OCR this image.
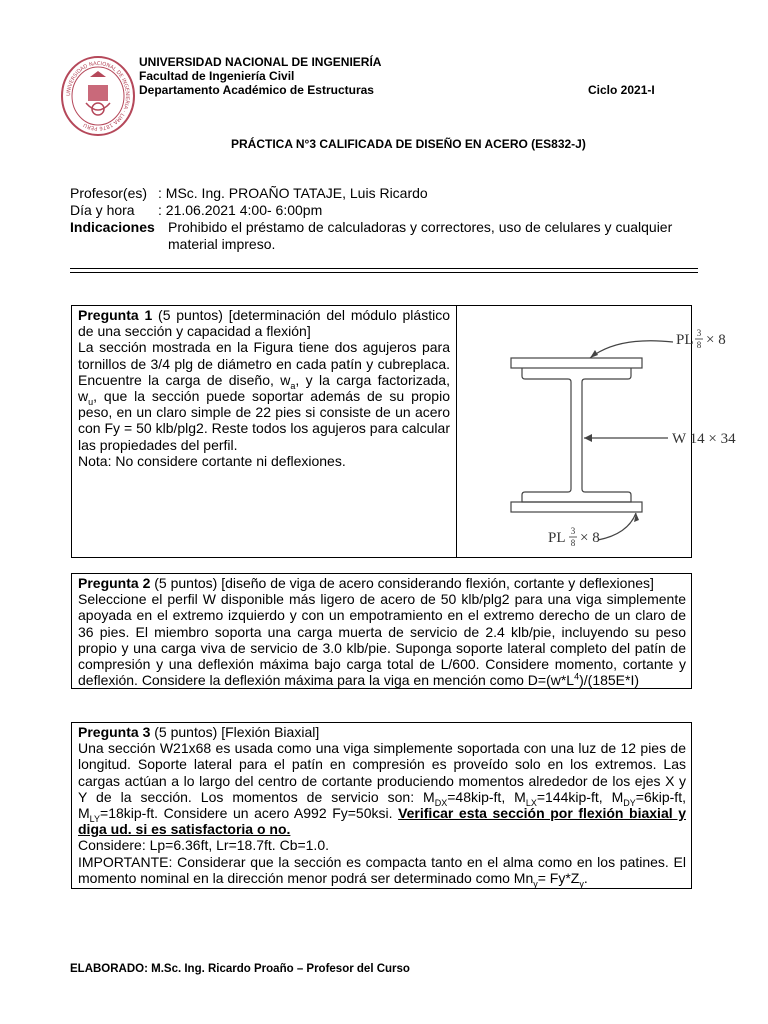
UNIVERSIDAD NACIONAL DE INGENIERIA · LIMA 1876 PERU
UNIVERSIDAD NACIONAL DE INGENIERÍA
Facultad de Ingeniería Civil
Departamento Académico de Estructuras	Ciclo 2021-I
PRÁCTICA N°3 CALIFICADA DE DISEÑO EN ACERO (ES832-J)
Profesor(es) : MSc. Ing. PROAÑO TATAJE, Luis Ricardo
Día y hora : 21.06.2021 4:00- 6:00pm
Indicaciones Prohibido el préstamo de calculadoras y correctores, uso de celulares y cualquier material impreso.
Pregunta 1 (5 puntos) [determinación del módulo plástico de una sección y capacidad a flexión]
La sección mostrada en la Figura tiene dos agujeros para tornillos de 3/4 plg de diámetro en cada patín y cubreplaca. Encuentre la carga de diseño, $w_a$, y la carga factorizada, $w_u$, que la sección puede soportar además de su propio peso, en un claro simple de 22 pies si consiste de un acero con Fy = 50 klb/plg2. Reste todos los agujeros para calcular las propiedades del perfil.
Nota: No considere cortante ni deflexiones.
PL 3
8 × 8
W 14 × 34
PL 3
8 × 8
Pregunta 2 (5 puntos) [diseño de viga de acero considerando flexión, cortante y deflexiones]
Seleccione el perfil W disponible más ligero de acero de 50 klb/plg2 para una viga simplemente apoyada en el extremo izquierdo y con un empotramiento en el extremo derecho de un claro de 36 pies. El miembro soporta una carga muerta de servicio de 2.4 klb/pie, incluyendo su peso propio y una carga viva de servicio de 3.0 klb/pie. Suponga soporte lateral completo del patín de compresión y una deflexión máxima bajo carga total de L/600. Considere momento, cortante y deflexión. Considere la deflexión máxima para la viga en mención como $D=(w*L^4)/(185E*I)$
Pregunta 3 (5 puntos) [Flexión Biaxial]
Una sección W21x68 es usada como una viga simplemente soportada con una luz de 12 pies de longitud. Soporte lateral para el patín en compresión es proveído solo en los extremos. Las cargas actúan a lo largo del centro de cortante produciendo momentos alrededor de los ejes X y Y de la sección. Los momentos de servicio son: $M_{DX}=48kip-ft$, $M_{LX}=144kip-ft$, $M_{DY}=6kip-ft$, $M_{LY}=18kip-ft$. Considere un acero A992 Fy=50ksi. Verificar esta sección por flexión biaxial y diga ud. si es satisfactoria o no.
Considere: Lp=6.36ft, Lr=18.7ft. Cb=1.0.
IMPORTANTE: Considerar que la sección es compacta tanto en el alma como en los patines. El momento nominal en la dirección menor podrá ser determinado como $Mn_y= Fy*Z_y$.
ELABORADO: M.Sc. Ing. Ricardo Proaño – Profesor del Curso
